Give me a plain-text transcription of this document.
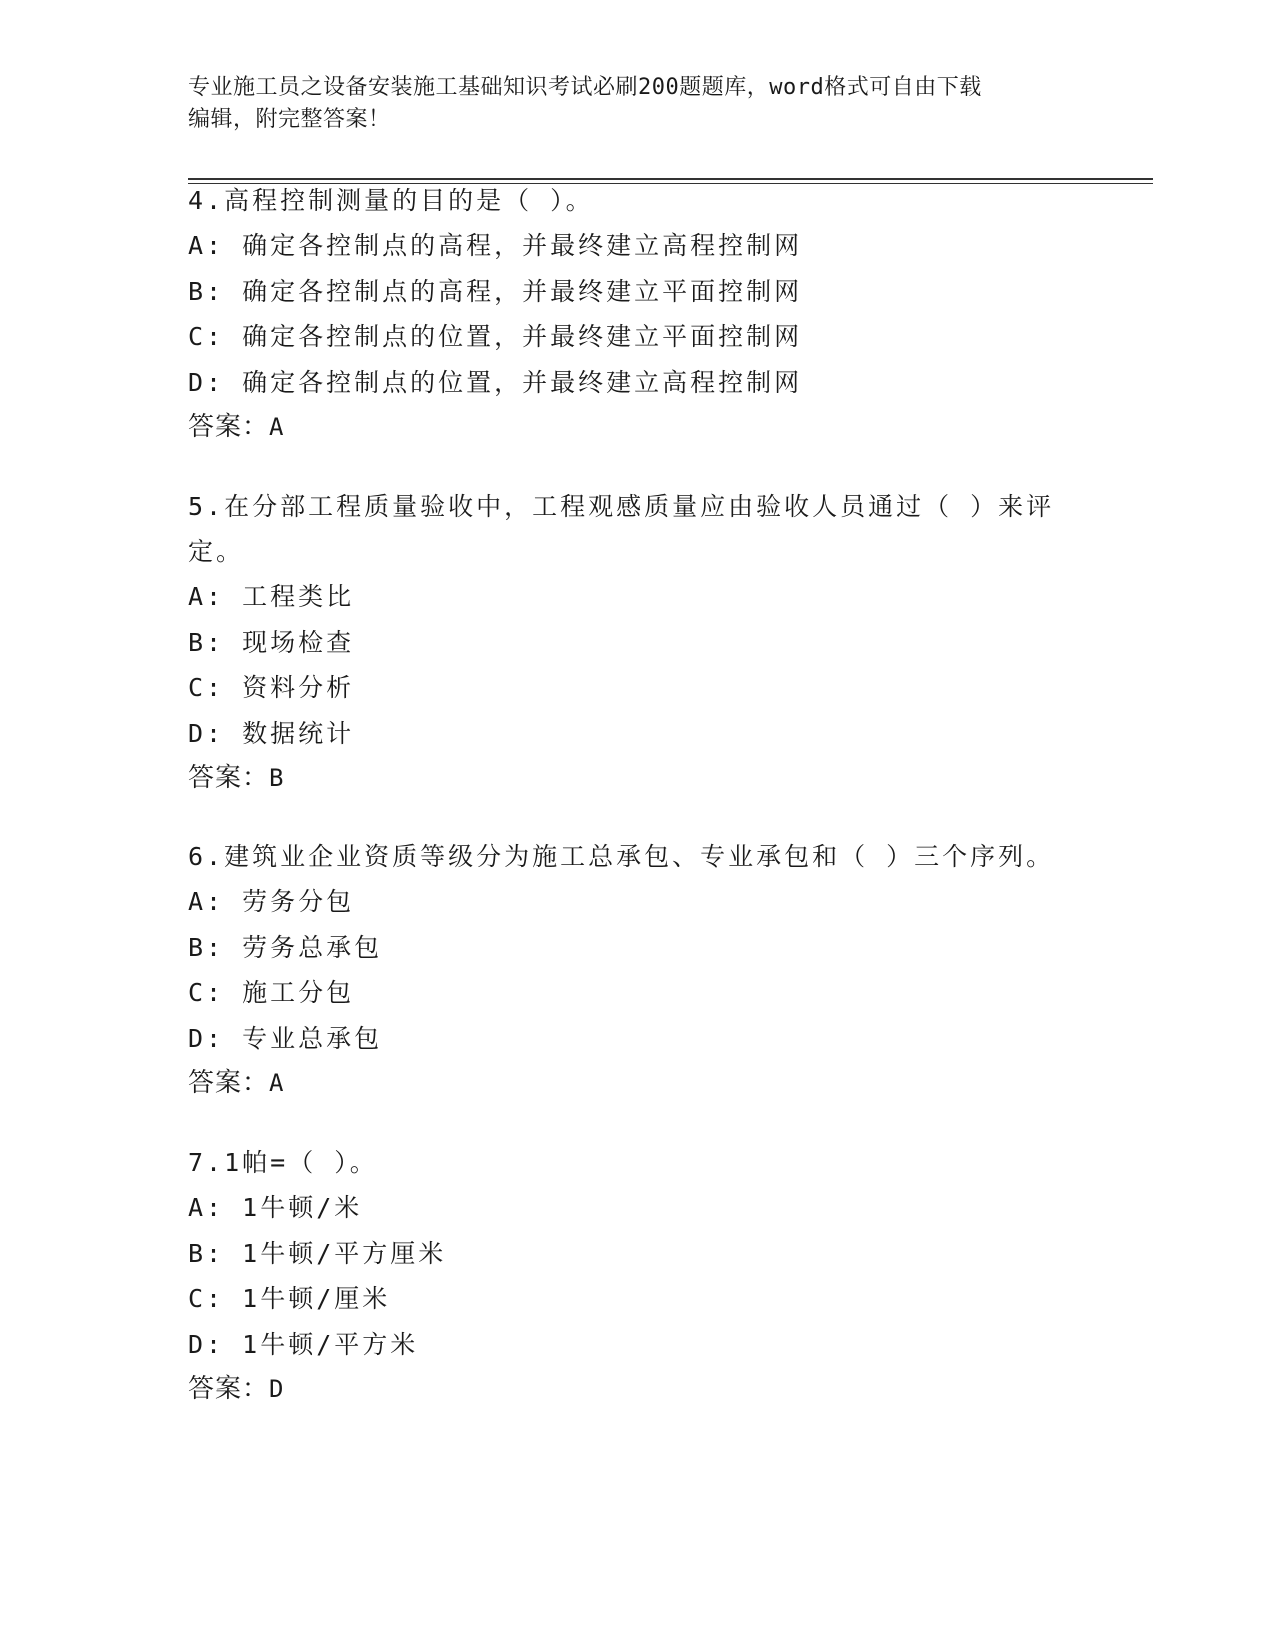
专业施工员之设备安装施工基础知识考试必刷200题题库，word格式可自由下载
编辑，附完整答案！

4.高程控制测量的目的是（ ）。

A: 确定各控制点的高程，并最终建立高程控制网

B: 确定各控制点的高程，并最终建立平面控制网

C: 确定各控制点的位置，并最终建立平面控制网

D: 确定各控制点的位置，并最终建立高程控制网

答案：A

5.在分部工程质量验收中，工程观感质量应由验收人员通过（ ）来评定。

A: 工程类比

B: 现场检查

C: 资料分析

D: 数据统计

答案：B

6.建筑业企业资质等级分为施工总承包、专业承包和（ ）三个序列。

A: 劳务分包

B: 劳务总承包

C: 施工分包

D: 专业总承包

答案：A

7.1帕=（ ）。

A: 1牛顿/米

B: 1牛顿/平方厘米

C: 1牛顿/厘米

D: 1牛顿/平方米

答案：D
